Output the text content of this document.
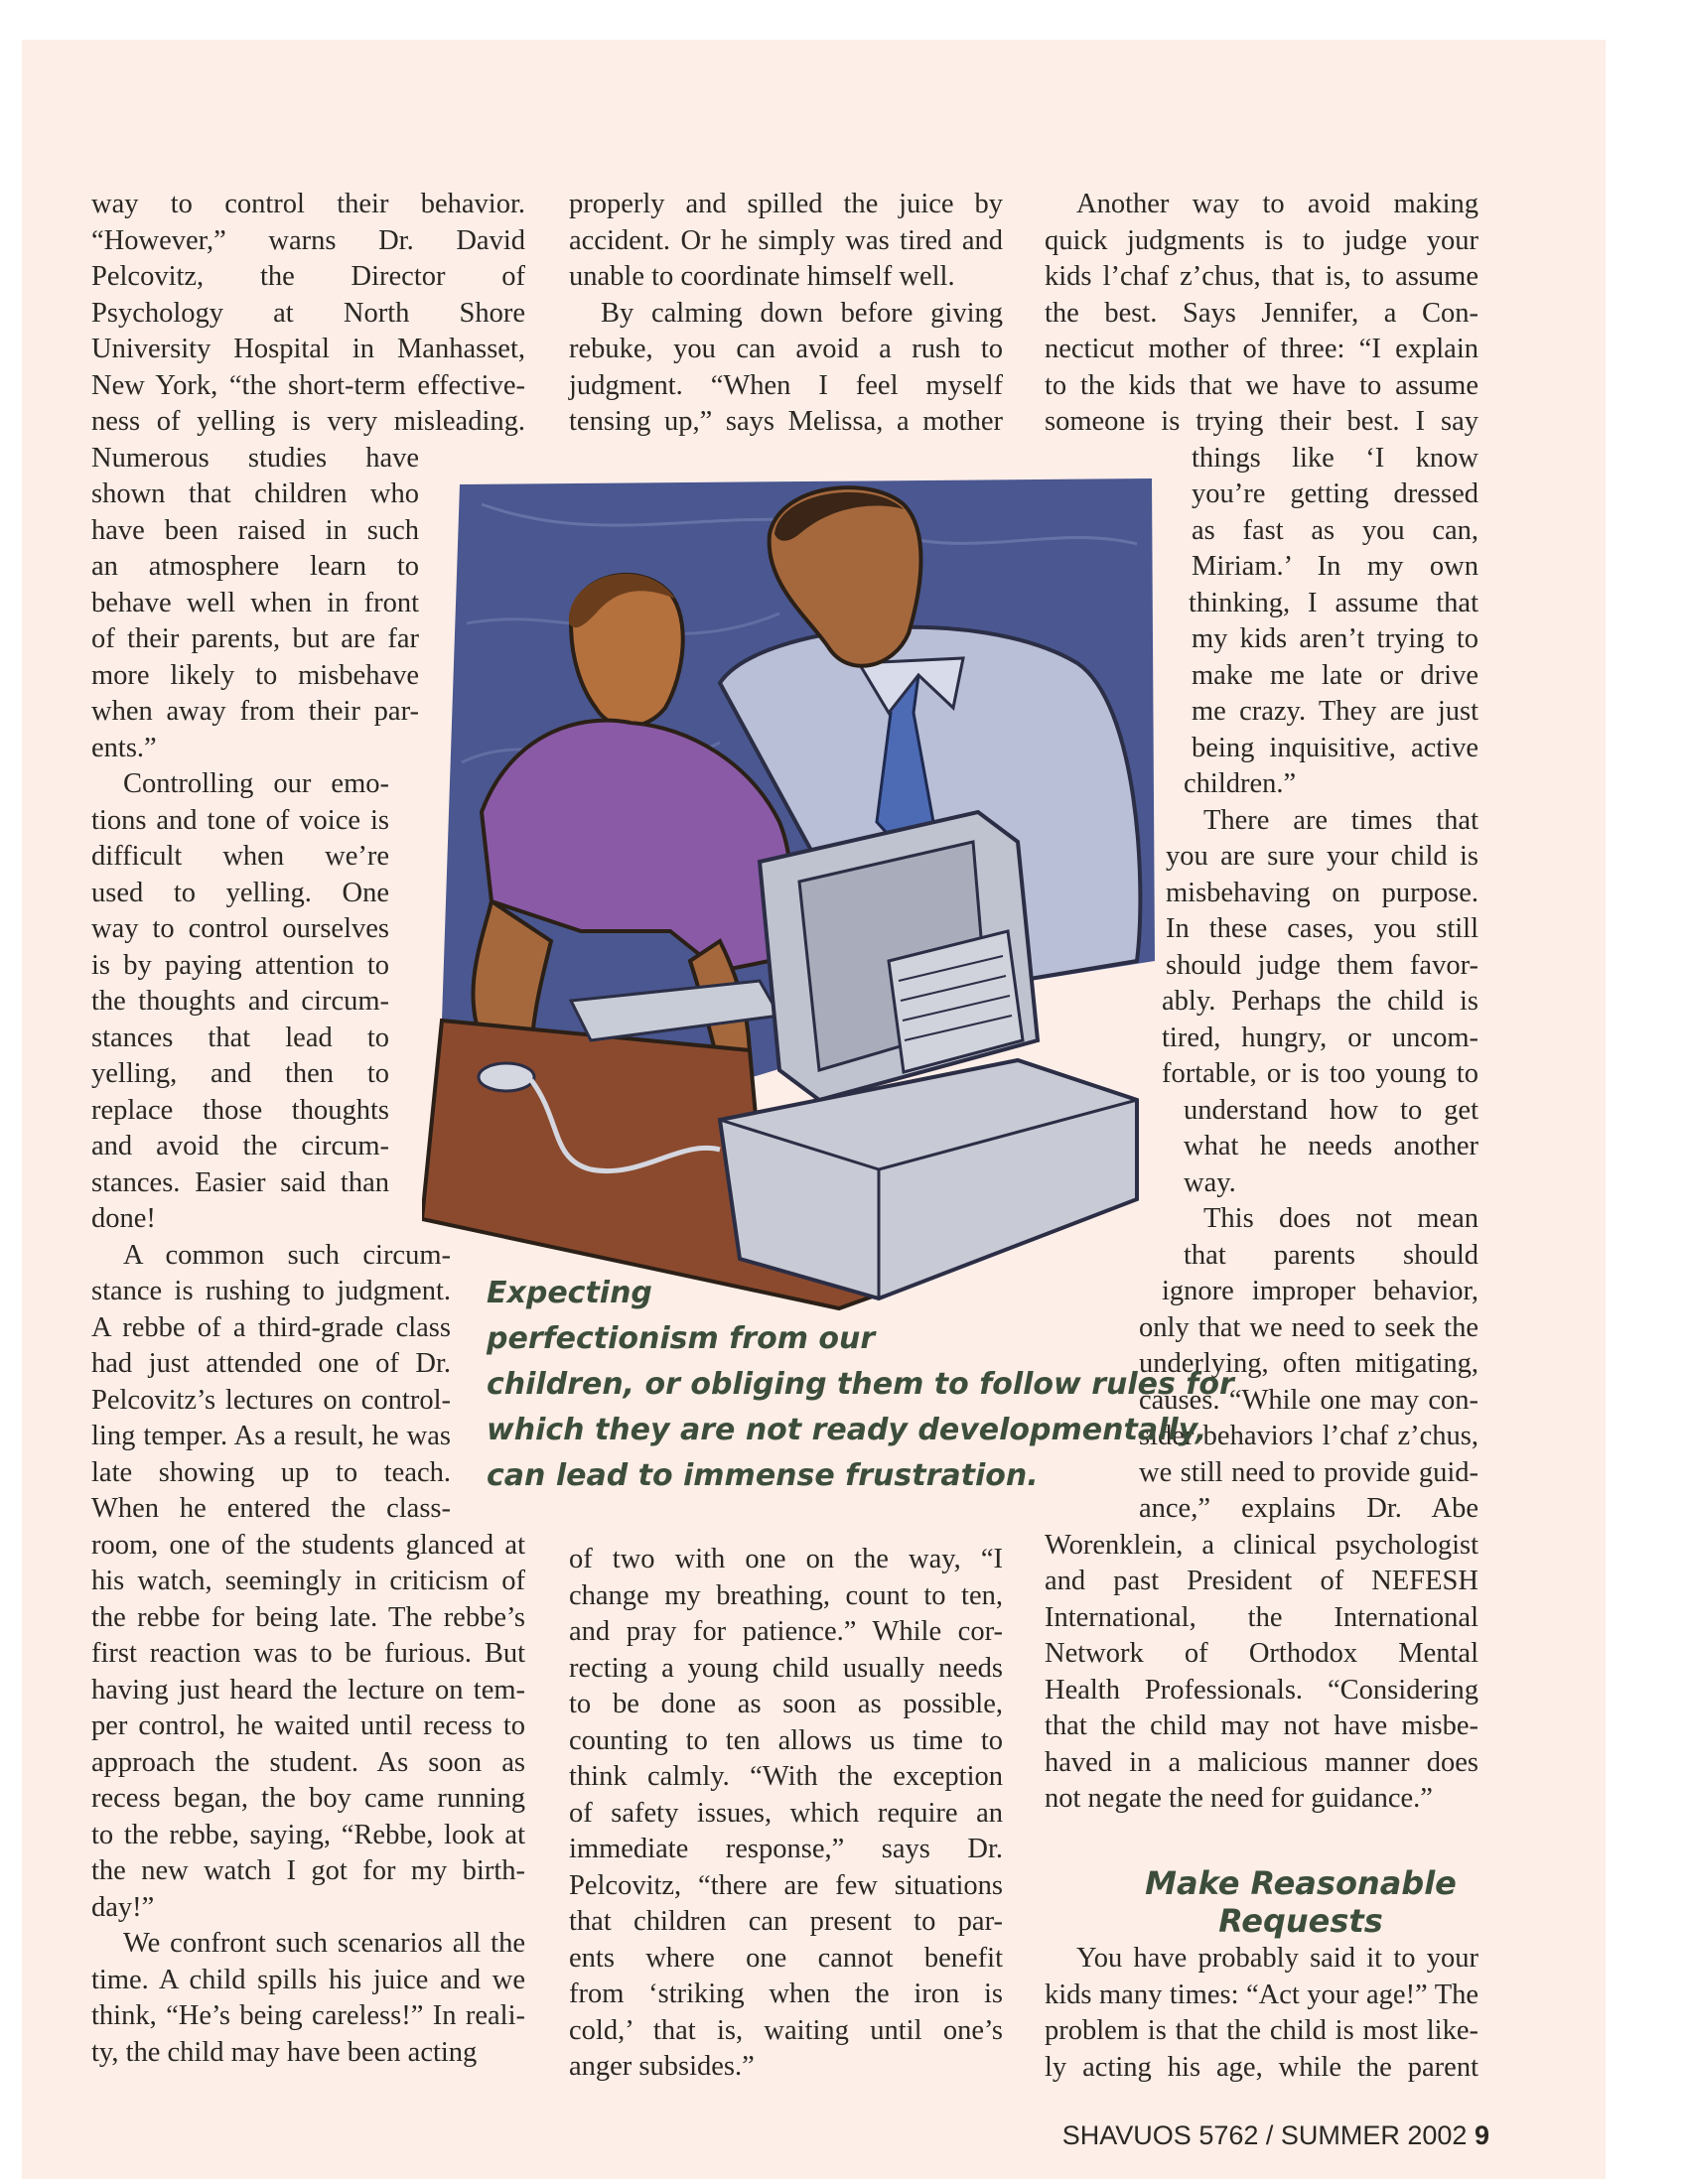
way to control their behavior.
“However,” warns Dr. David
Pelcovitz, the Director of
Psychology at North Shore
University Hospital in Manhasset,
New York, “the short-term effective-
ness of yelling is very misleading.
Numerous studies have
shown that children who
have been raised in such
an atmosphere learn to
behave well when in front
of their parents, but are far
more likely to misbehave
when away from their par-
ents.”
Controlling our emo-
tions and tone of voice is
difficult when we’re
used to yelling. One
way to control ourselves
is by paying attention to
the thoughts and circum-
stances that lead to
yelling, and then to
replace those thoughts
and avoid the circum-
stances. Easier said than
done!
A common such circum-
stance is rushing to judgment.
A rebbe of a third-grade class
had just attended one of Dr.
Pelcovitz’s lectures on control-
ling temper. As a result, he was
late showing up to teach.
When he entered the class-
room, one of the students glanced at
his watch, seemingly in criticism of
the rebbe for being late. The rebbe’s
first reaction was to be furious. But
having just heard the lecture on tem-
per control, he waited until recess to
approach the student. As soon as
recess began, the boy came running
to the rebbe, saying, “Rebbe, look at
the new watch I got for my birth-
day!”
We confront such scenarios all the
time. A child spills his juice and we
think, “He’s being careless!” In reali-
ty, the child may have been acting
properly and spilled the juice by
accident. Or he simply was tired and
unable to coordinate himself well.
By calming down before giving
rebuke, you can avoid a rush to
judgment. “When I feel myself
tensing up,” says Melissa, a mother
of two with one on the way, “I
change my breathing, count to ten,
and pray for patience.” While cor-
recting a young child usually needs
to be done as soon as possible,
counting to ten allows us time to
think calmly. “With the exception
of safety issues, which require an
immediate response,” says Dr.
Pelcovitz, “there are few situations
that children can present to par-
ents where one cannot benefit
from ‘striking when the iron is
cold,’ that is, waiting until one’s
anger subsides.”
Another way to avoid making
quick judgments is to judge your
kids l’chaf z’chus, that is, to assume
the best. Says Jennifer, a Con-
necticut mother of three: “I explain
to the kids that we have to assume
someone is trying their best. I say
things like ‘I know
you’re getting dressed
as fast as you can,
Miriam.’ In my own
thinking, I assume that
my kids aren’t trying to
make me late or drive
me crazy. They are just
being inquisitive, active
children.”
There are times that
you are sure your child is
misbehaving on purpose.
In these cases, you still
should judge them favor-
ably. Perhaps the child is
tired, hungry, or uncom-
fortable, or is too young to
understand how to get
what he needs another
way.
This does not mean
that parents should
ignore improper behavior,
only that we need to seek the
underlying, often mitigating,
causes. “While one may con-
sider behaviors l’chaf z’chus,
we still need to provide guid-
ance,” explains Dr. Abe
Worenklein, a clinical psychologist
and past President of NEFESH
International, the International
Network of Orthodox Mental
Health Professionals. “Considering
that the child may not have misbe-
haved in a malicious manner does
not negate the need for guidance.”
You have probably said it to your
kids many times: “Act your age!” The
problem is that the child is most like-
ly acting his age, while the parent
Expecting
perfectionism from our
children, or obliging them to follow rules for
which they are not ready developmentally,
can lead to immense frustration.
Make Reasonable
Requests
SHAVUOS 5762 / SUMMER 2002 9
